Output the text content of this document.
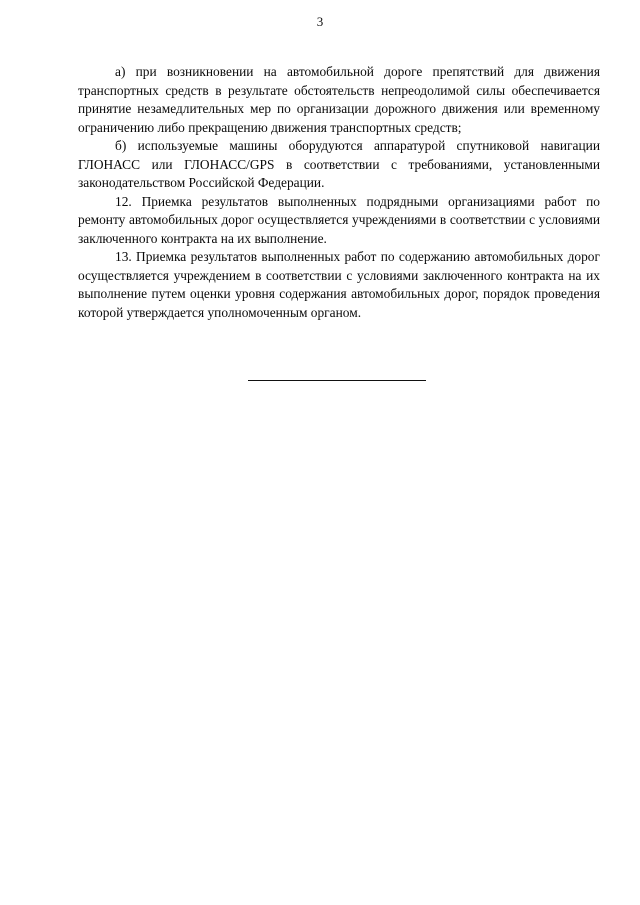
3

а) при возникновении на автомобильной дороге препятствий для движения транспортных средств в результате обстоятельств непреодолимой силы обеспечивается принятие незамедлительных мер по организации дорожного движения или временному ограничению либо прекращению движения транспортных средств;

б) используемые машины оборудуются аппаратурой спутниковой навигации ГЛОНАСС или ГЛОНАСС/GPS в соответствии с требованиями, установленными законодательством Российской Федерации.

12. Приемка результатов выполненных подрядными организациями работ по ремонту автомобильных дорог осуществляется учреждениями в соответствии с условиями заключенного контракта на их выполнение.

13. Приемка результатов выполненных работ по содержанию автомобильных дорог осуществляется учреждением в соответствии с условиями заключенного контракта на их выполнение путем оценки уровня содержания автомобильных дорог, порядок проведения которой утверждается уполномоченным органом.
